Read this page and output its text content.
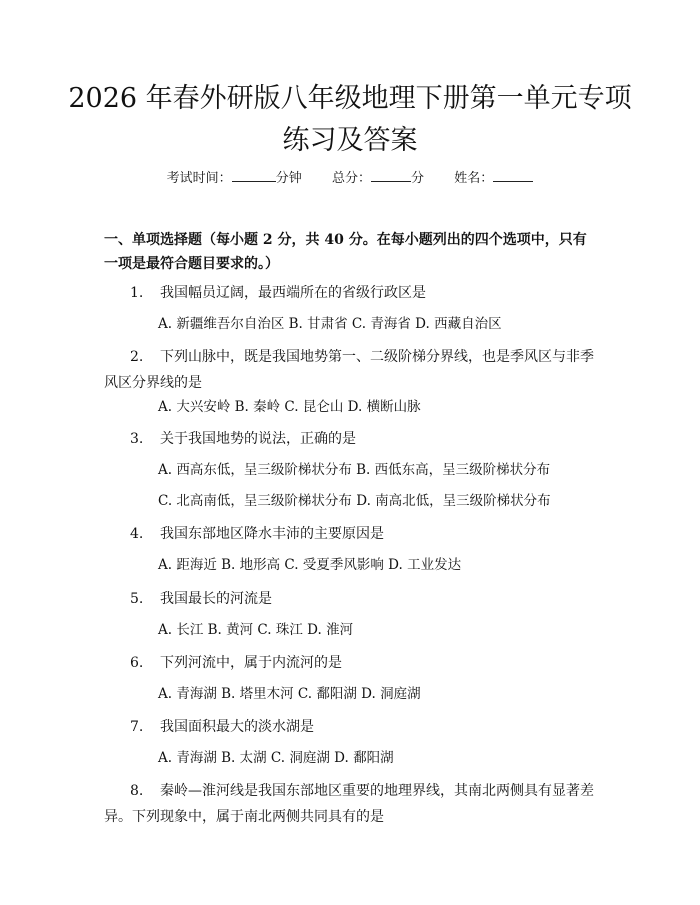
2026 年春外研版八年级地理下册第一单元专项练习及答案
考试时间：	分钟 总分：	分 姓名：
一、单项选择题（每小题 2 分，共 40 分。在每小题列出的四个选项中，只有一项是最符合题目要求的。）
1. 我国幅员辽阔，最西端所在的省级行政区是
A. 新疆维吾尔自治区 B. 甘肃省 C. 青海省 D. 西藏自治区
2. 下列山脉中，既是我国地势第一、二级阶梯分界线，也是季风区与非季风区分界线的是
A. 大兴安岭 B. 秦岭 C. 昆仑山 D. 横断山脉
3. 关于我国地势的说法，正确的是
A. 西高东低，呈三级阶梯状分布 B. 西低东高，呈三级阶梯状分布
C. 北高南低，呈三级阶梯状分布 D. 南高北低，呈三级阶梯状分布
4. 我国东部地区降水丰沛的主要原因是
A. 距海近 B. 地形高 C. 受夏季风影响 D. 工业发达
5. 我国最长的河流是
A. 长江 B. 黄河 C. 珠江 D. 淮河
6. 下列河流中，属于内流河的是
A. 青海湖 B. 塔里木河 C. 鄱阳湖 D. 洞庭湖
7. 我国面积最大的淡水湖是
A. 青海湖 B. 太湖 C. 洞庭湖 D. 鄱阳湖
8. 秦岭—淮河线是我国东部地区重要的地理界线，其南北两侧具有显著差异。下列现象中，属于南北两侧共同具有的是
